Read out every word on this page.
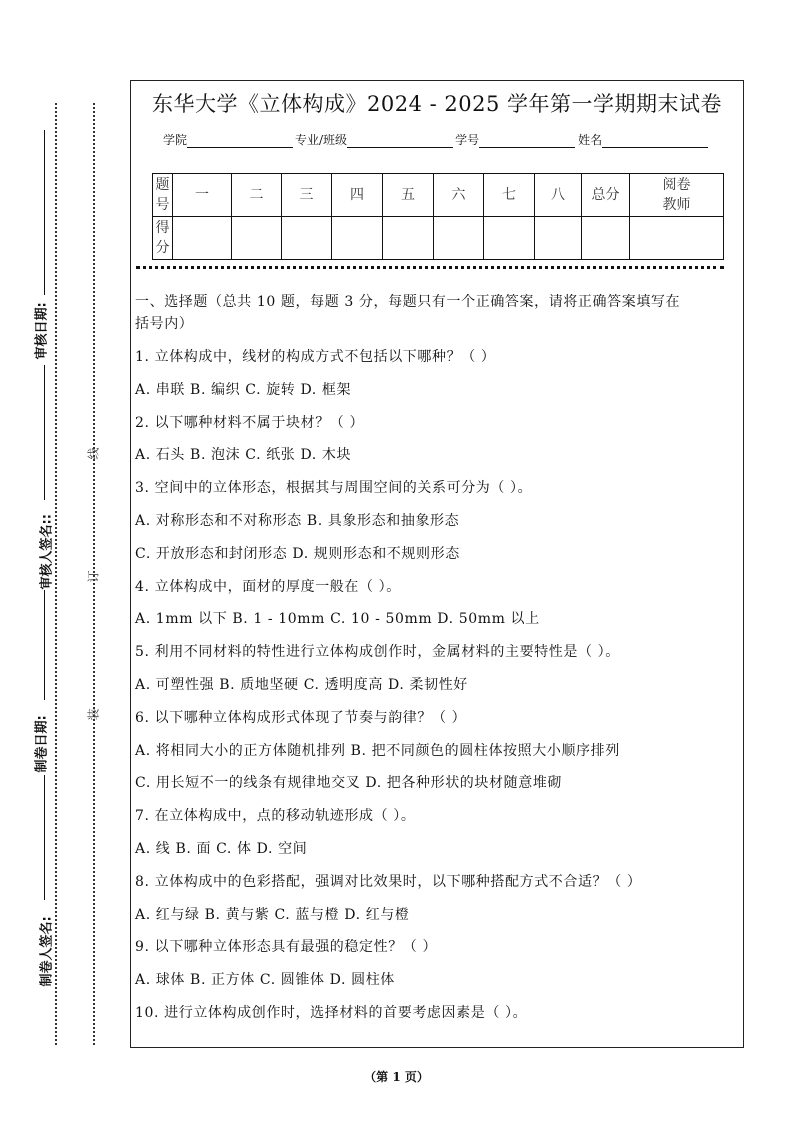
审核日期:
审核人签名::
制卷日期:
制卷人签名:
线
订
装
东华大学《立体构成》2024 - 2025 学年第一学期期末试卷
学院	专业/班级	学号	姓名
题号	一	二	三	四	五	六	七	八	总分	阅卷教师
得分										
一、选择题（总共 10 题，每题 3 分，每题只有一个正确答案，请将正确答案填写在
括号内）
1. 立体构成中，线材的构成方式不包括以下哪种？（ ）
A. 串联 B. 编织 C. 旋转 D. 框架
2. 以下哪种材料不属于块材？（ ）
A. 石头 B. 泡沫 C. 纸张 D. 木块
3. 空间中的立体形态，根据其与周围空间的关系可分为（ ）。
A. 对称形态和不对称形态 B. 具象形态和抽象形态
C. 开放形态和封闭形态 D. 规则形态和不规则形态
4. 立体构成中，面材的厚度一般在（ ）。
A. 1mm 以下 B. 1 - 10mm C. 10 - 50mm D. 50mm 以上
5. 利用不同材料的特性进行立体构成创作时，金属材料的主要特性是（ ）。
A. 可塑性强 B. 质地坚硬 C. 透明度高 D. 柔韧性好
6. 以下哪种立体构成形式体现了节奏与韵律？（ ）
A. 将相同大小的正方体随机排列 B. 把不同颜色的圆柱体按照大小顺序排列
C. 用长短不一的线条有规律地交叉 D. 把各种形状的块材随意堆砌
7. 在立体构成中，点的移动轨迹形成（ ）。
A. 线 B. 面 C. 体 D. 空间
8. 立体构成中的色彩搭配，强调对比效果时，以下哪种搭配方式不合适？（ ）
A. 红与绿 B. 黄与紫 C. 蓝与橙 D. 红与橙
9. 以下哪种立体形态具有最强的稳定性？（ ）
A. 球体 B. 正方体 C. 圆锥体 D. 圆柱体
10. 进行立体构成创作时，选择材料的首要考虑因素是（ ）。
（第 1 页）
